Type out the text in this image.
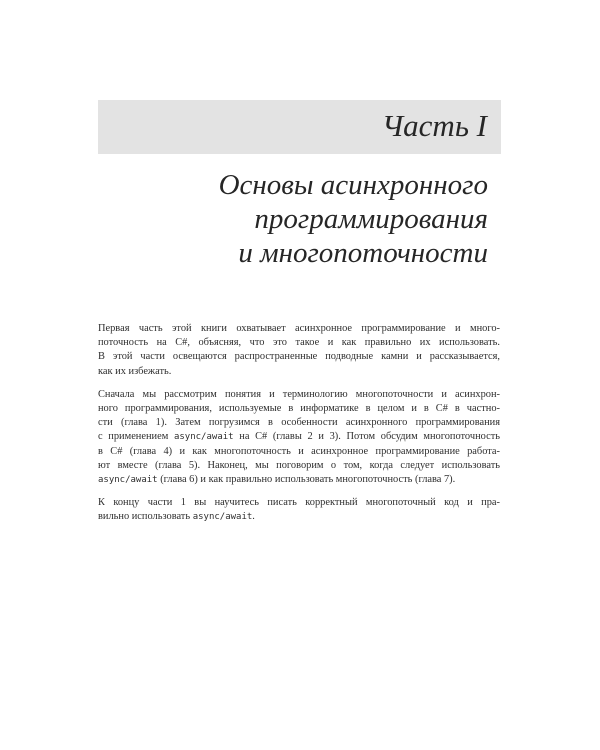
Часть I
Основы асинхронного
программирования
и многопоточности

Первая часть этой книги охватывает асинхронное программирование и много-
поточность на C#, объясняя, что это такое и как правильно их использовать.
В этой части освещаются распространенные подводные камни и рассказывается,
как их избежать.

Сначала мы рассмотрим понятия и терминологию многопоточности и асинхрон-
ного программирования, используемые в информатике в целом и в C# в частно-
сти (глава 1). Затем погрузимся в особенности асинхронного программирования
с применением async/await на C# (главы 2 и 3). Потом обсудим многопоточность
в C# (глава 4) и как многопоточность и асинхронное программирование работа-
ют вместе (глава 5). Наконец, мы поговорим о том, когда следует использовать
async/await (глава 6) и как правильно использовать многопоточность (глава 7).

К концу части 1 вы научитесь писать корректный многопоточный код и пра-
вильно использовать async/await.
